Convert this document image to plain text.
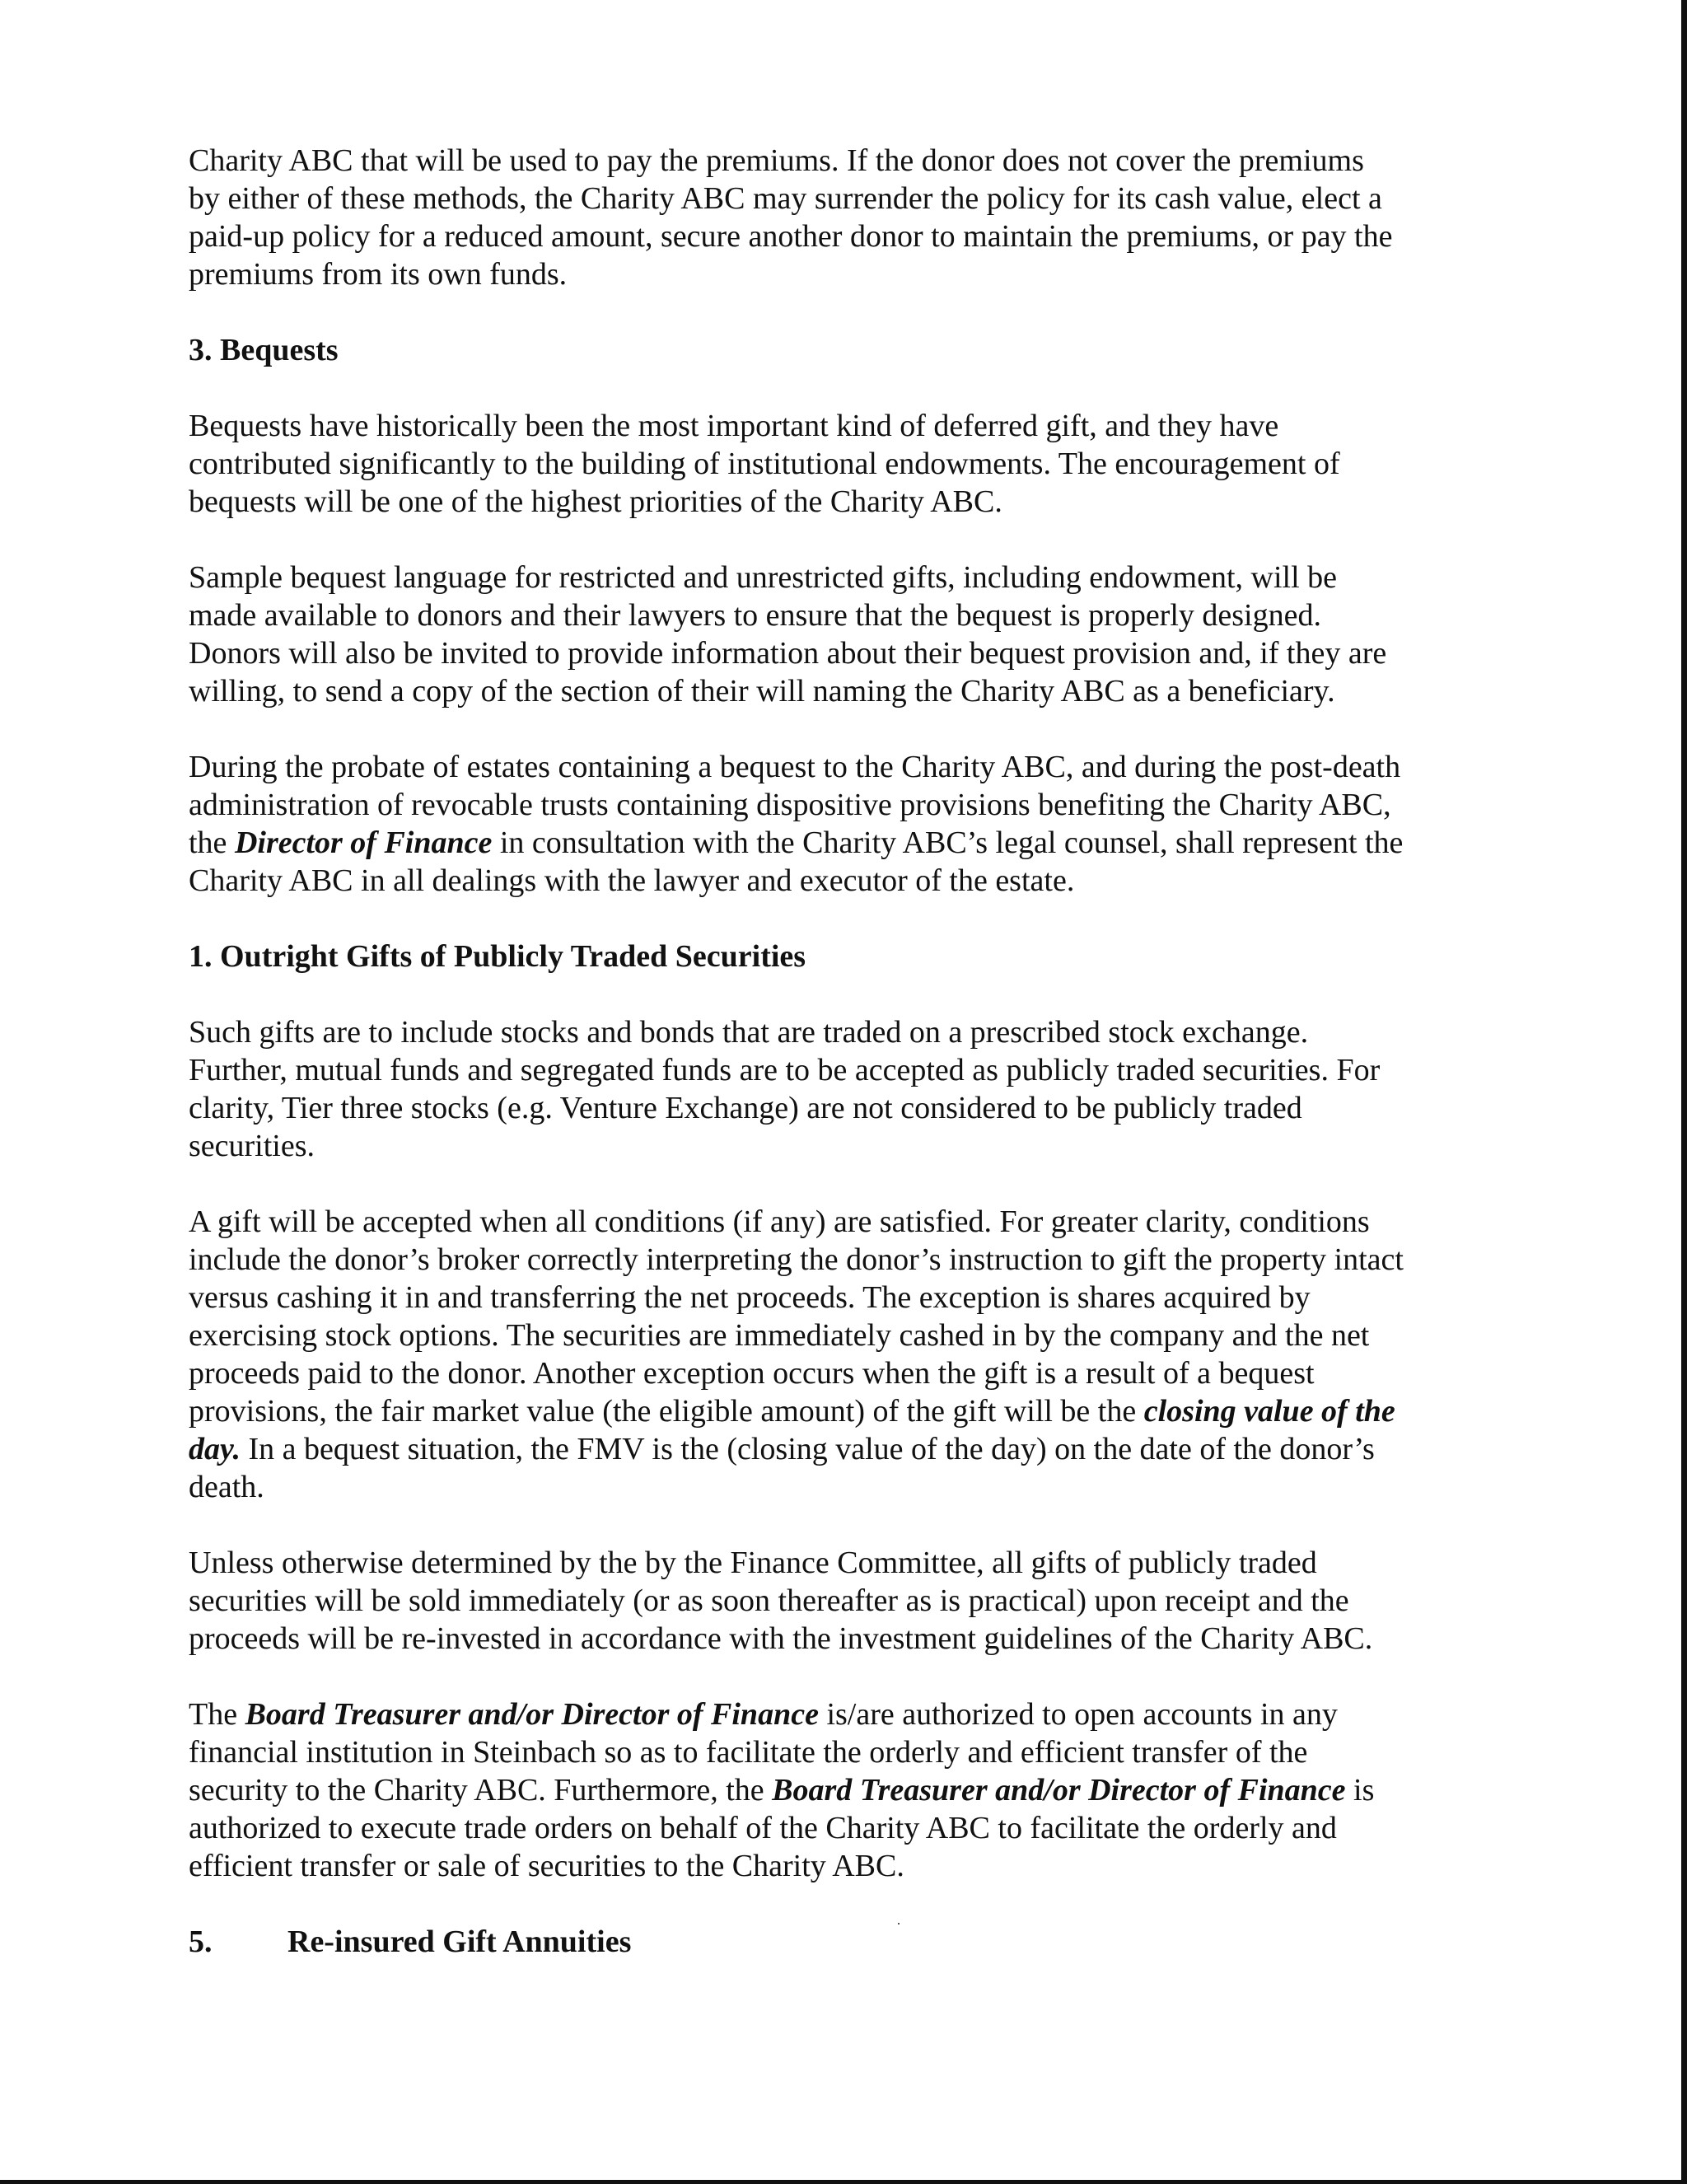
Charity ABC that will be used to pay the premiums. If the donor does not cover the premiums
by either of these methods, the Charity ABC may surrender the policy for its cash value, elect a
paid-up policy for a reduced amount, secure another donor to maintain the premiums, or pay the
premiums from its own funds.

3. Bequests

Bequests have historically been the most important kind of deferred gift, and they have
contributed significantly to the building of institutional endowments. The encouragement of
bequests will be one of the highest priorities of the Charity ABC.

Sample bequest language for restricted and unrestricted gifts, including endowment, will be
made available to donors and their lawyers to ensure that the bequest is properly designed.
Donors will also be invited to provide information about their bequest provision and, if they are
willing, to send a copy of the section of their will naming the Charity ABC as a beneficiary.

During the probate of estates containing a bequest to the Charity ABC, and during the post-death
administration of revocable trusts containing dispositive provisions benefiting the Charity ABC,
the Director of Finance in consultation with the Charity ABC’s legal counsel, shall represent the
Charity ABC in all dealings with the lawyer and executor of the estate.

1. Outright Gifts of Publicly Traded Securities

Such gifts are to include stocks and bonds that are traded on a prescribed stock exchange.
Further, mutual funds and segregated funds are to be accepted as publicly traded securities. For
clarity, Tier three stocks (e.g. Venture Exchange) are not considered to be publicly traded
securities.

A gift will be accepted when all conditions (if any) are satisfied. For greater clarity, conditions
include the donor’s broker correctly interpreting the donor’s instruction to gift the property intact
versus cashing it in and transferring the net proceeds. The exception is shares acquired by
exercising stock options. The securities are immediately cashed in by the company and the net
proceeds paid to the donor. Another exception occurs when the gift is a result of a bequest
provisions, the fair market value (the eligible amount) of the gift will be the closing value of the
day. In a bequest situation, the FMV is the (closing value of the day) on the date of the donor’s
death.

Unless otherwise determined by the by the Finance Committee, all gifts of publicly traded
securities will be sold immediately (or as soon thereafter as is practical) upon receipt and the
proceeds will be re-invested in accordance with the investment guidelines of the Charity ABC.

The Board Treasurer and/or Director of Finance is/are authorized to open accounts in any
financial institution in Steinbach so as to facilitate the orderly and efficient transfer of the
security to the Charity ABC. Furthermore, the Board Treasurer and/or Director of Finance is
authorized to execute trade orders on behalf of the Charity ABC to facilitate the orderly and
efficient transfer or sale of securities to the Charity ABC.

5. Re-insured Gift Annuities
